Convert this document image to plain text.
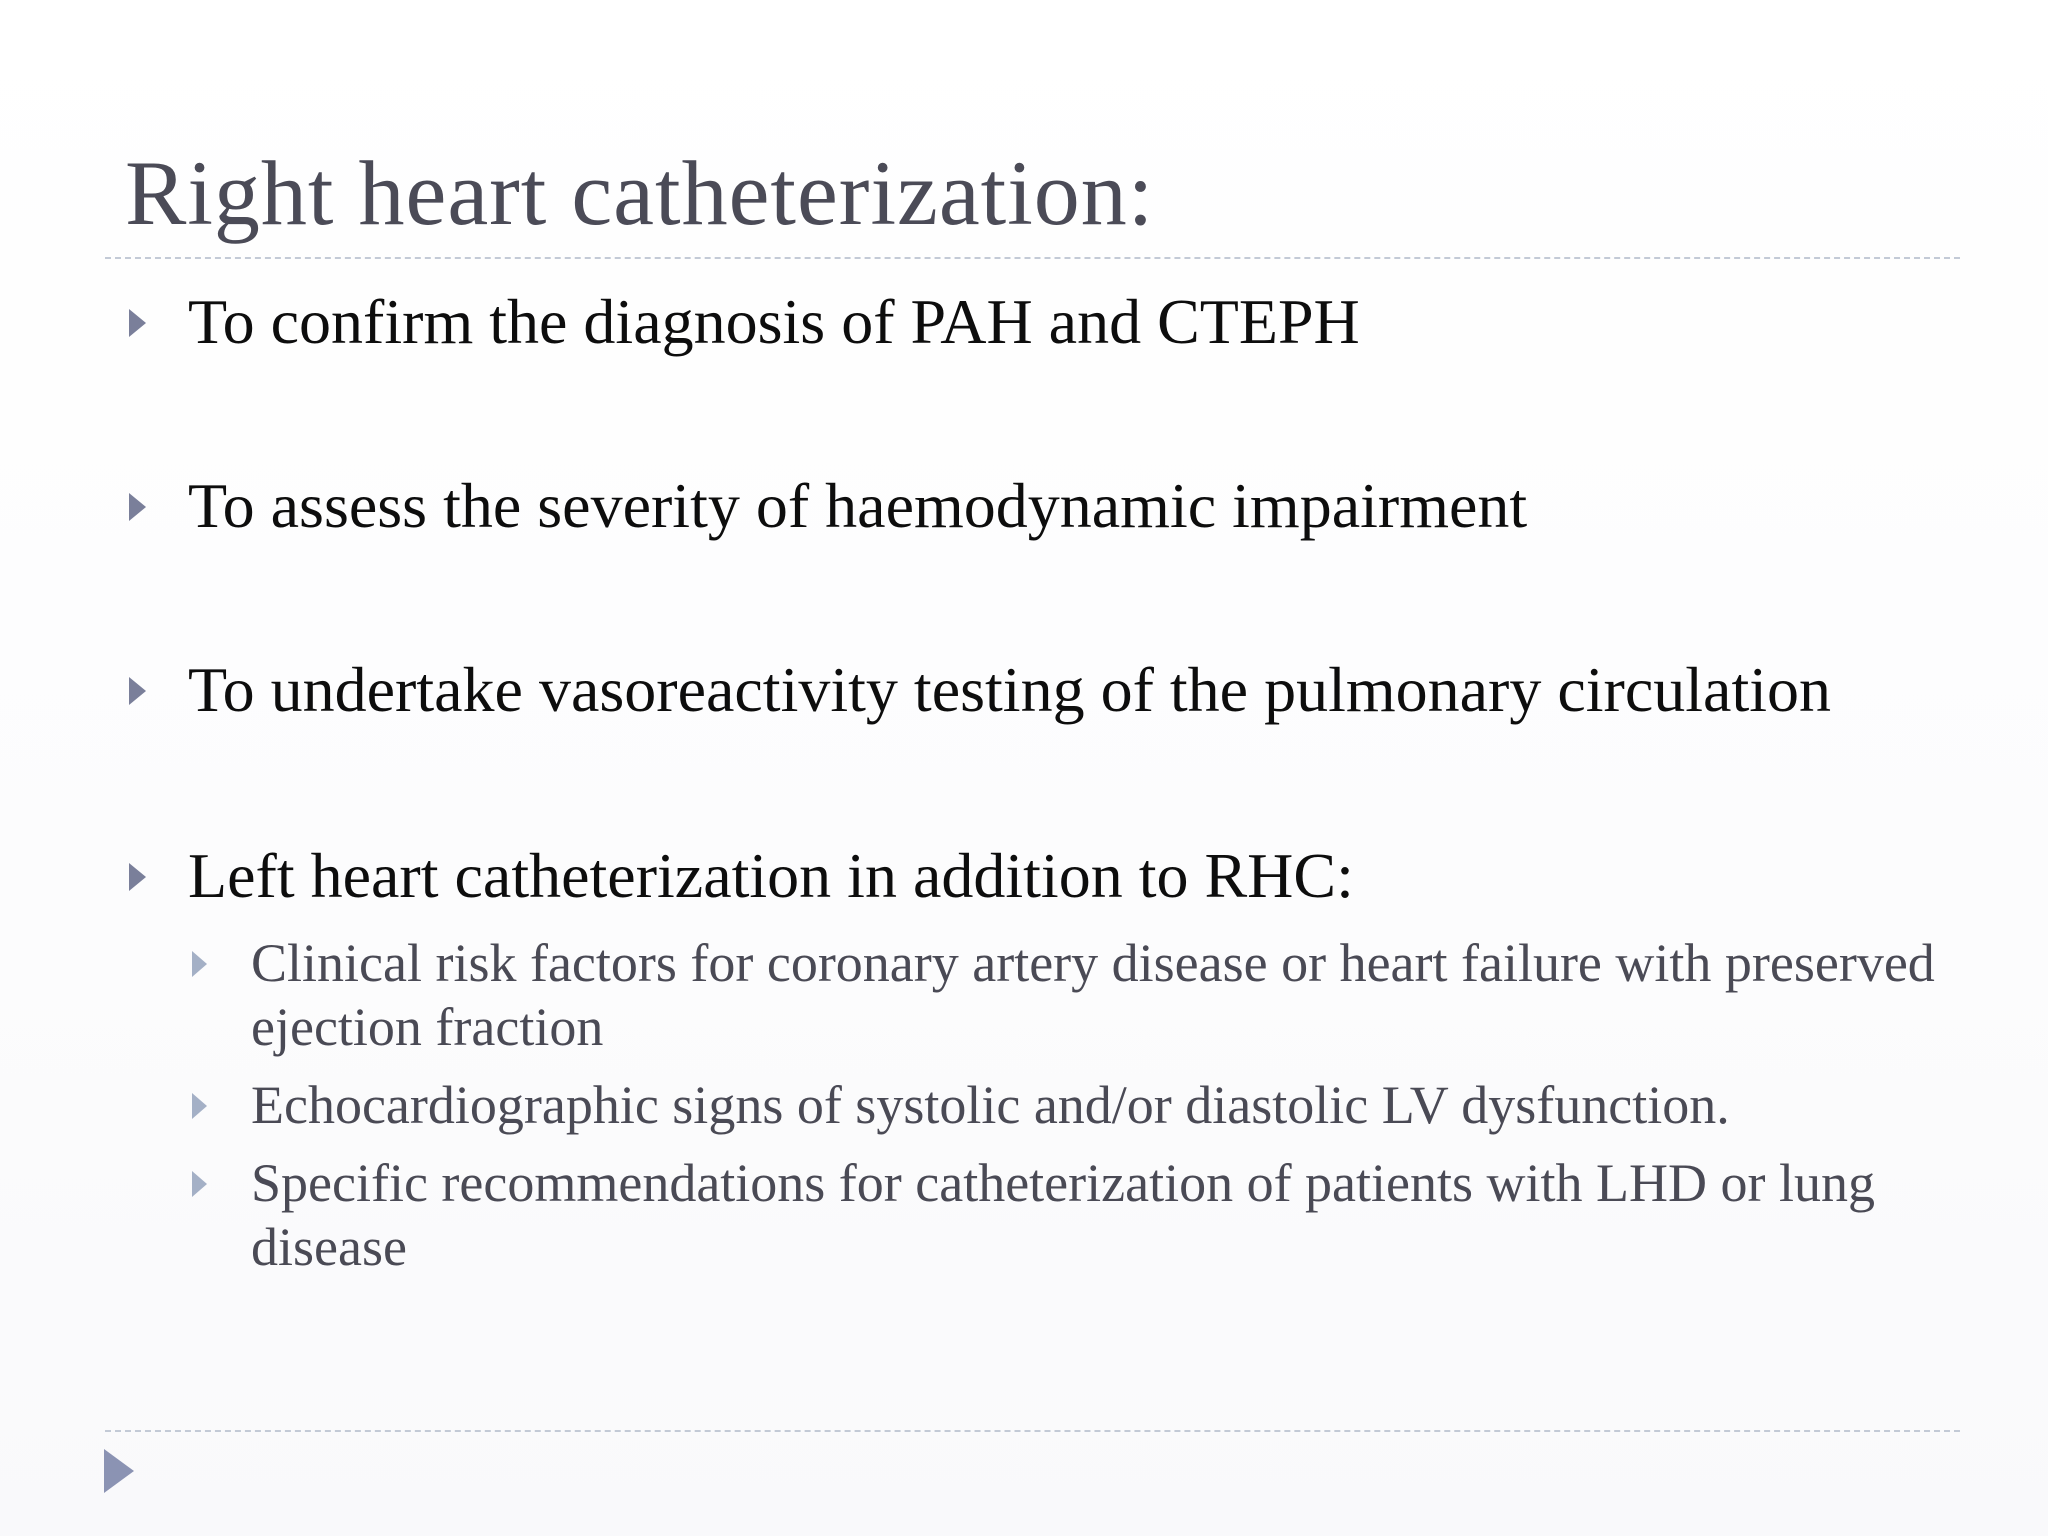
Right heart catheterization:
To confirm the diagnosis of PAH and CTEPH
To assess the severity of haemodynamic impairment
To undertake vasoreactivity testing of the pulmonary circulation
Left heart catheterization in addition to RHC:
Clinical risk factors for coronary artery disease or heart failure with preserved ejection fraction
Echocardiographic signs of systolic and/or diastolic LV dysfunction.
Specific recommendations for catheterization of patients with LHD or lung disease
